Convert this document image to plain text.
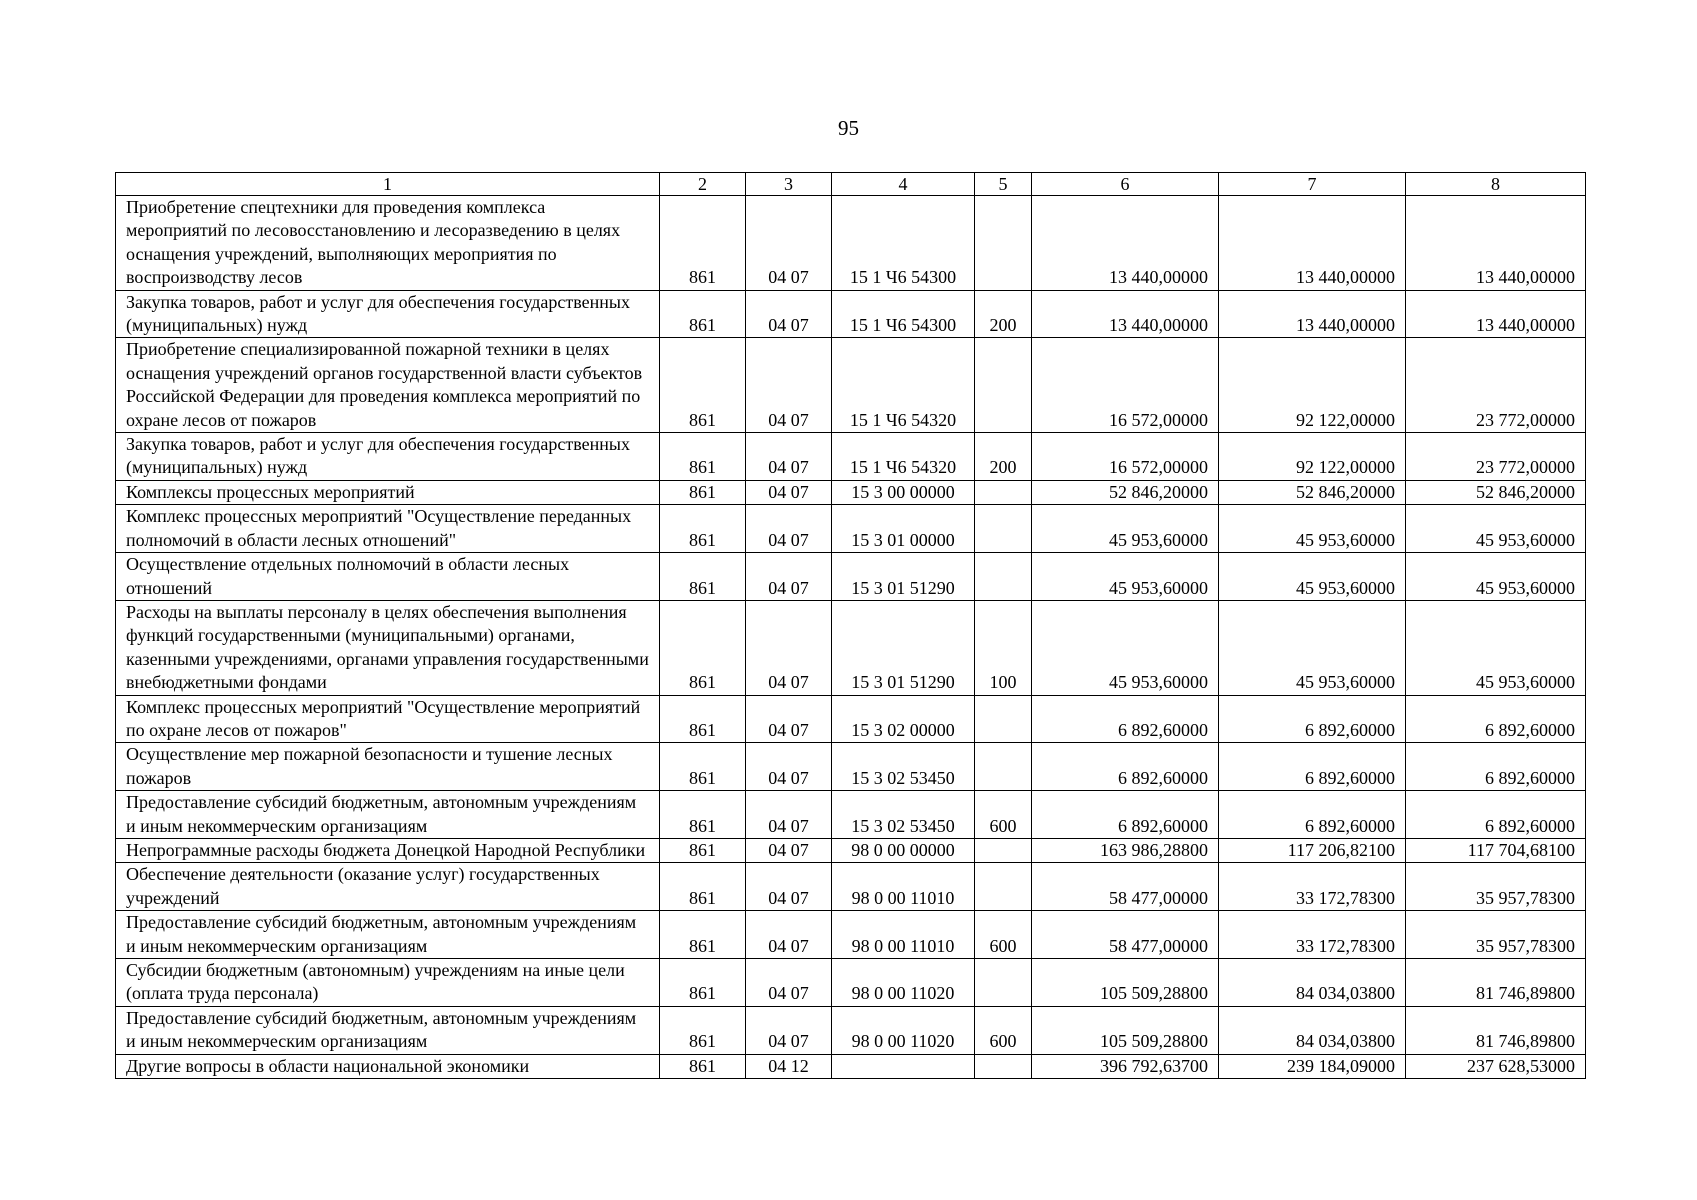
95
1	2	3	4	5	6	7	8
Приобретение спецтехники для проведения комплекса мероприятий по лесовосстановлению и лесоразведению в целях оснащения учреждений, выполняющих мероприятия по воспроизводству лесов	861	04 07	15 1 Ч6 54300		13 440,00000	13 440,00000	13 440,00000
Закупка товаров, работ и услуг для обеспечения государственных (муниципальных) нужд	861	04 07	15 1 Ч6 54300	200	13 440,00000	13 440,00000	13 440,00000
Приобретение специализированной пожарной техники в целях оснащения учреждений органов государственной власти субъектов Российской Федерации для проведения комплекса мероприятий по охране лесов от пожаров	861	04 07	15 1 Ч6 54320		16 572,00000	92 122,00000	23 772,00000
Закупка товаров, работ и услуг для обеспечения государственных (муниципальных) нужд	861	04 07	15 1 Ч6 54320	200	16 572,00000	92 122,00000	23 772,00000
Комплексы процессных мероприятий	861	04 07	15 3 00 00000		52 846,20000	52 846,20000	52 846,20000
Комплекс процессных мероприятий "Осуществление переданных полномочий в области лесных отношений"	861	04 07	15 3 01 00000		45 953,60000	45 953,60000	45 953,60000
Осуществление отдельных полномочий в области лесных отношений	861	04 07	15 3 01 51290		45 953,60000	45 953,60000	45 953,60000
Расходы на выплаты персоналу в целях обеспечения выполнения функций государственными (муниципальными) органами, казенными учреждениями, органами управления государственными внебюджетными фондами	861	04 07	15 3 01 51290	100	45 953,60000	45 953,60000	45 953,60000
Комплекс процессных мероприятий "Осуществление мероприятий по охране лесов от пожаров"	861	04 07	15 3 02 00000		6 892,60000	6 892,60000	6 892,60000
Осуществление мер пожарной безопасности и тушение лесных пожаров	861	04 07	15 3 02 53450		6 892,60000	6 892,60000	6 892,60000
Предоставление субсидий бюджетным, автономным учреждениям и иным некоммерческим организациям	861	04 07	15 3 02 53450	600	6 892,60000	6 892,60000	6 892,60000
Непрограммные расходы бюджета Донецкой Народной Республики	861	04 07	98 0 00 00000		163 986,28800	117 206,82100	117 704,68100
Обеспечение деятельности (оказание услуг) государственных учреждений	861	04 07	98 0 00 11010		58 477,00000	33 172,78300	35 957,78300
Предоставление субсидий бюджетным, автономным учреждениям и иным некоммерческим организациям	861	04 07	98 0 00 11010	600	58 477,00000	33 172,78300	35 957,78300
Субсидии бюджетным (автономным) учреждениям на иные цели (оплата труда персонала)	861	04 07	98 0 00 11020		105 509,28800	84 034,03800	81 746,89800
Предоставление субсидий бюджетным, автономным учреждениям и иным некоммерческим организациям	861	04 07	98 0 00 11020	600	105 509,28800	84 034,03800	81 746,89800
Другие вопросы в области национальной экономики	861	04 12			396 792,63700	239 184,09000	237 628,53000
